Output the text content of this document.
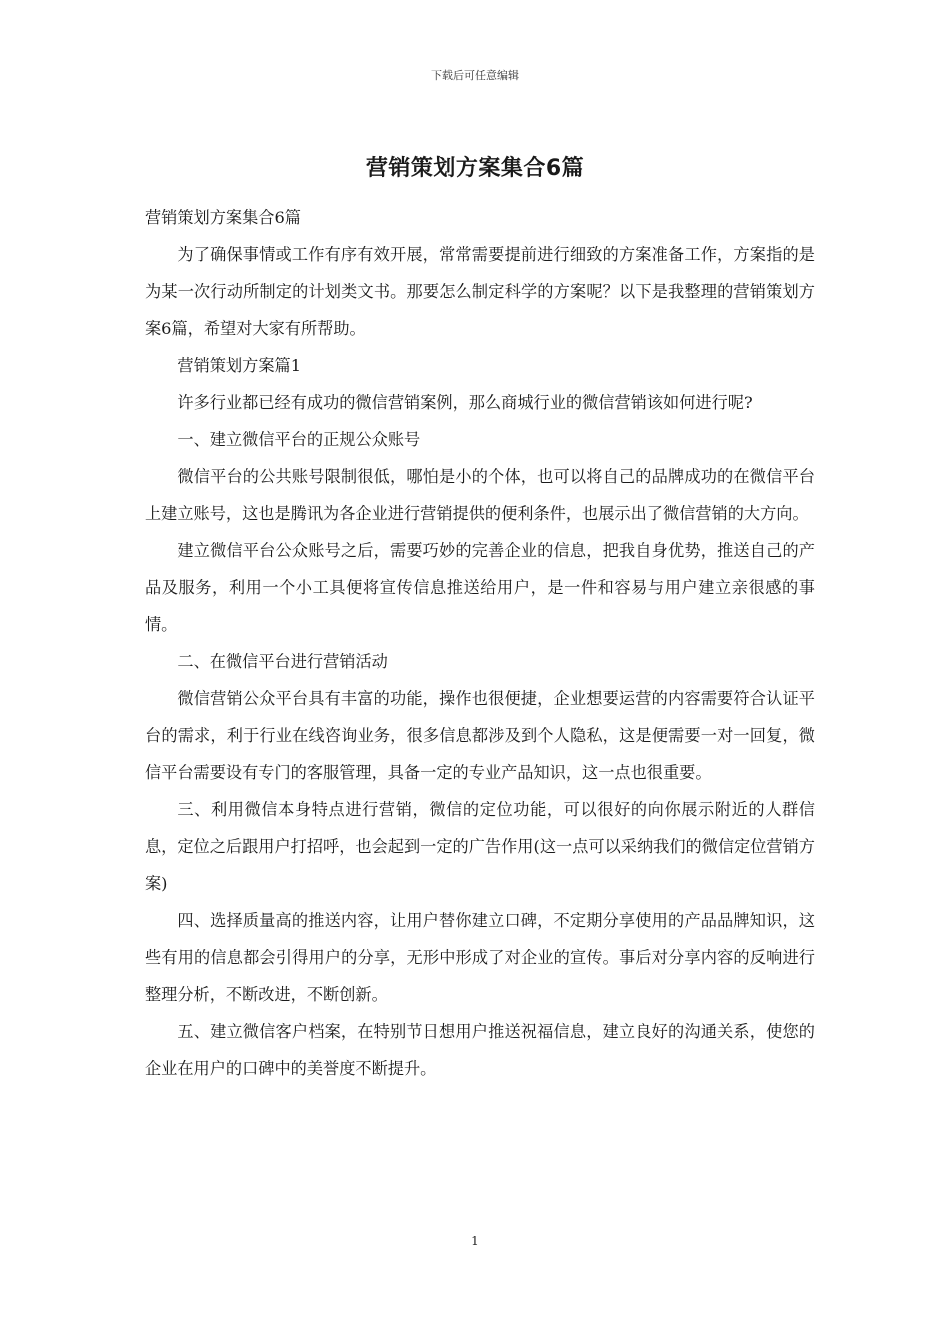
下载后可任意编辑
营销策划方案集合6篇

营销策划方案集合6篇

为了确保事情或工作有序有效开展，常常需要提前进行细致的方案准备工作，方案指的是为某一次行动所制定的计划类文书。那要怎么制定科学的方案呢？以下是我整理的营销策划方案6篇，希望对大家有所帮助。

营销策划方案篇1

许多行业都已经有成功的微信营销案例，那么商城行业的微信营销该如何进行呢?

一、建立微信平台的正规公众账号

微信平台的公共账号限制很低，哪怕是小的个体，也可以将自己的品牌成功的在微信平台上建立账号，这也是腾讯为各企业进行营销提供的便利条件，也展示出了微信营销的大方向。

建立微信平台公众账号之后，需要巧妙的完善企业的信息，把我自身优势，推送自己的产品及服务，利用一个小工具便将宣传信息推送给用户，是一件和容易与用户建立亲很感的事情。

二、在微信平台进行营销活动

微信营销公众平台具有丰富的功能，操作也很便捷，企业想要运营的内容需要符合认证平台的需求，利于行业在线咨询业务，很多信息都涉及到个人隐私，这是便需要一对一回复，微信平台需要设有专门的客服管理，具备一定的专业产品知识，这一点也很重要。

三、利用微信本身特点进行营销，微信的定位功能，可以很好的向你展示附近的人群信息，定位之后跟用户打招呼，也会起到一定的广告作用(这一点可以采纳我们的微信定位营销方案)

四、选择质量高的推送内容，让用户替你建立口碑，不定期分享使用的产品品牌知识，这些有用的信息都会引得用户的分享，无形中形成了对企业的宣传。事后对分享内容的反响进行整理分析，不断改进，不断创新。

五、建立微信客户档案，在特别节日想用户推送祝福信息，建立良好的沟通关系，使您的企业在用户的口碑中的美誉度不断提升。

1
